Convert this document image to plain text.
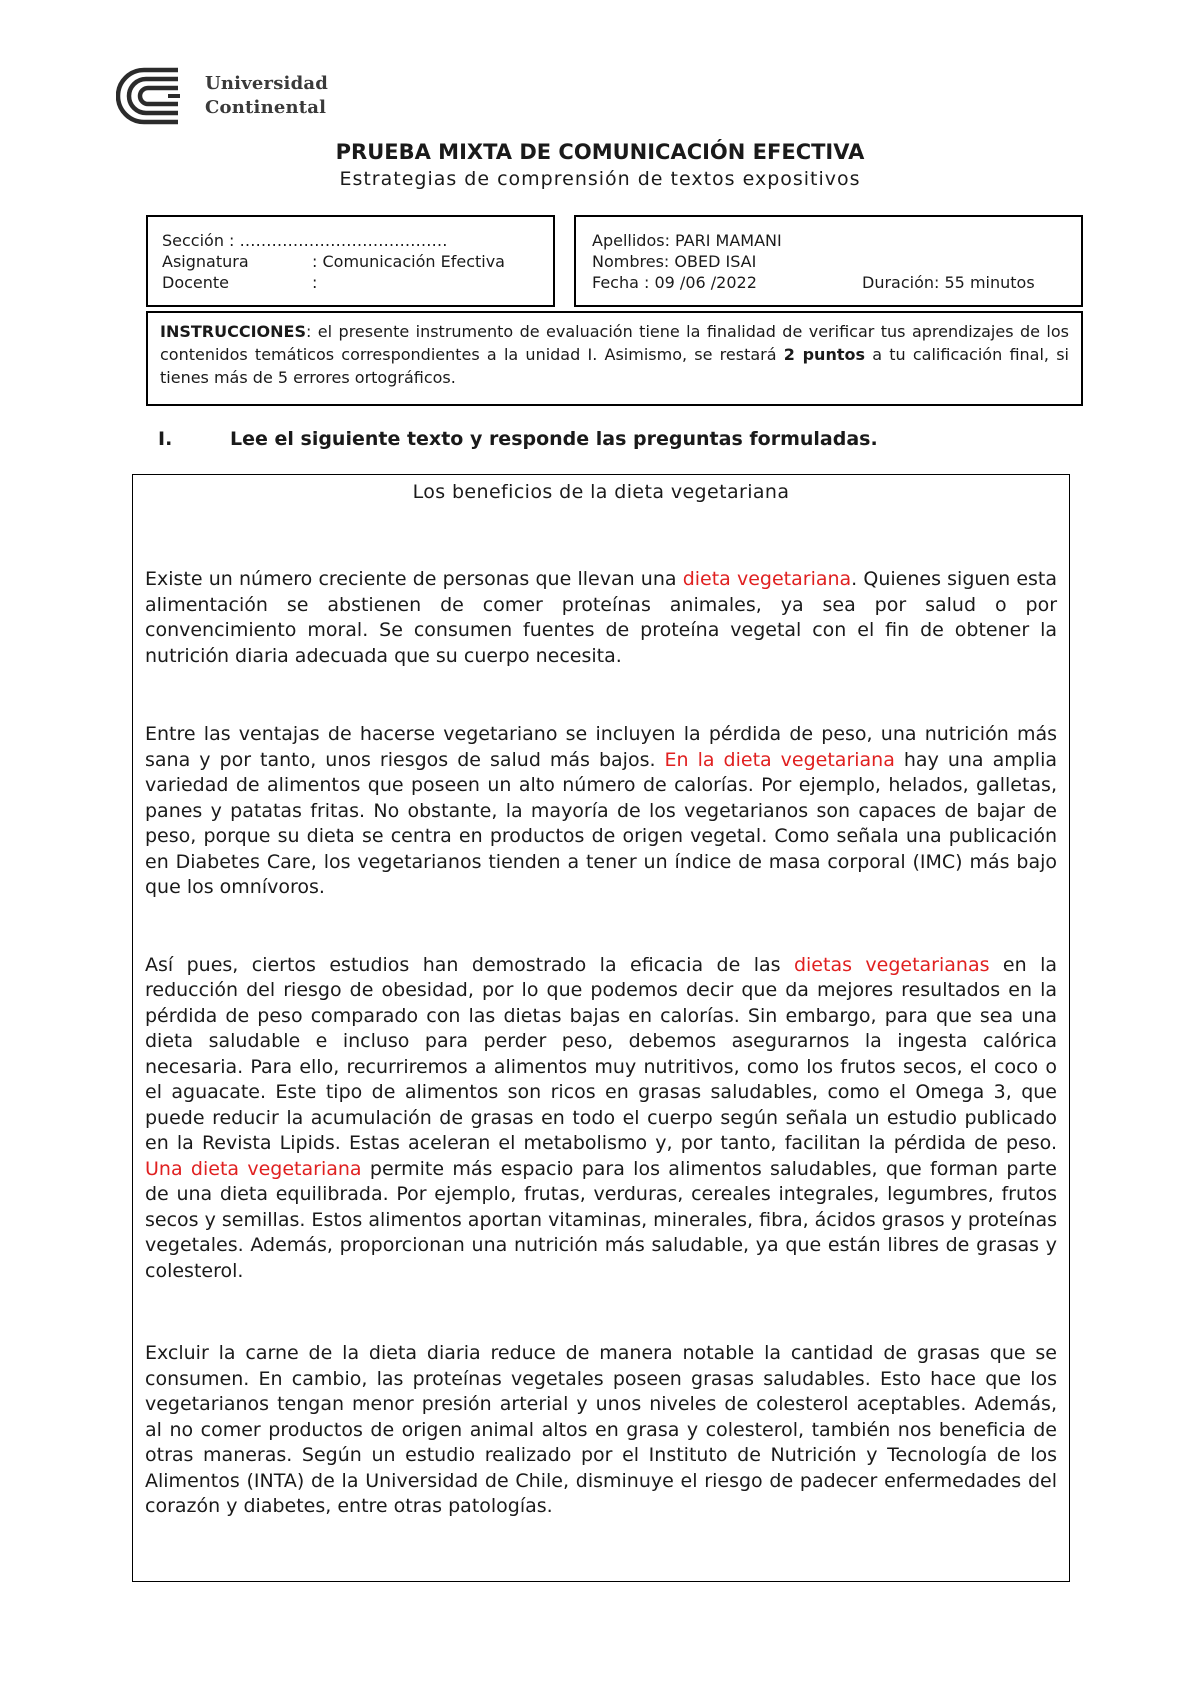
Universidad
Continental
PRUEBA MIXTA DE COMUNICACIÓN EFECTIVA
Estrategias de comprensión de textos expositivos
Sección : …………………………………
Asignatura	: Comunicación Efectiva
Docente	:
Apellidos: PARI MAMANI
Nombres: OBED ISAI
Fecha : 09 /06 /2022	Duración: 55 minutos
INSTRUCCIONES: el presente instrumento de evaluación tiene la finalidad de verificar tus aprendizajes de los contenidos temáticos correspondientes a la unidad I. Asimismo, se restará 2 puntos a tu calificación final, si tienes más de 5 errores ortográficos.
I.	Lee el siguiente texto y responde las preguntas formuladas.
Los beneficios de la dieta vegetariana

Existe un número creciente de personas que llevan una dieta vegetariana. Quienes siguen esta alimentación se abstienen de comer proteínas animales, ya sea por salud o por convencimiento moral. Se consumen fuentes de proteína vegetal con el fin de obtener la nutrición diaria adecuada que su cuerpo necesita.

Entre las ventajas de hacerse vegetariano se incluyen la pérdida de peso, una nutrición más sana y por tanto, unos riesgos de salud más bajos. En la dieta vegetariana hay una amplia variedad de alimentos que poseen un alto número de calorías. Por ejemplo, helados, galletas, panes y patatas fritas. No obstante, la mayoría de los vegetarianos son capaces de bajar de peso, porque su dieta se centra en productos de origen vegetal. Como señala una publicación en Diabetes Care, los vegetarianos tienden a tener un índice de masa corporal (IMC) más bajo que los omnívoros.

Así pues, ciertos estudios han demostrado la eficacia de las dietas vegetarianas en la reducción del riesgo de obesidad, por lo que podemos decir que da mejores resultados en la pérdida de peso comparado con las dietas bajas en calorías. Sin embargo, para que sea una dieta saludable e incluso para perder peso, debemos asegurarnos la ingesta calórica necesaria. Para ello, recurriremos a alimentos muy nutritivos, como los frutos secos, el coco o el aguacate. Este tipo de alimentos son ricos en grasas saludables, como el Omega 3, que puede reducir la acumulación de grasas en todo el cuerpo según señala un estudio publicado en la Revista Lipids. Estas aceleran el metabolismo y, por tanto, facilitan la pérdida de peso. Una dieta vegetariana permite más espacio para los alimentos saludables, que forman parte de una dieta equilibrada. Por ejemplo, frutas, verduras, cereales integrales, legumbres, frutos secos y semillas. Estos alimentos aportan vitaminas, minerales, fibra, ácidos grasos y proteínas vegetales. Además, proporcionan una nutrición más saludable, ya que están libres de grasas y colesterol.

Excluir la carne de la dieta diaria reduce de manera notable la cantidad de grasas que se consumen. En cambio, las proteínas vegetales poseen grasas saludables. Esto hace que los vegetarianos tengan menor presión arterial y unos niveles de colesterol aceptables. Además, al no comer productos de origen animal altos en grasa y colesterol, también nos beneficia de otras maneras. Según un estudio realizado por el Instituto de Nutrición y Tecnología de los Alimentos (INTA) de la Universidad de Chile, disminuye el riesgo de padecer enfermedades del corazón y diabetes, entre otras patologías.
